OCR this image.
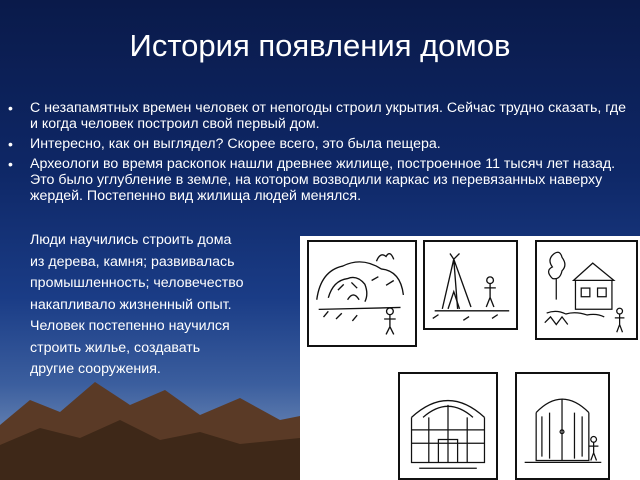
История появления домов
• С незапамятных времен человек от непогоды строил укрытия. Сейчас трудно сказать, где и когда человек построил свой первый дом.
• Интересно, как он выглядел? Скорее всего, это была пещера.
• Археологи во время раскопок нашли древнее жилище, построенное 11 тысяч лет назад. Это было углубление в земле, на котором возводили каркас из перевязанных наверху жердей. Постепенно вид жилища людей менялся.

Люди научились строить дома
из дерева, камня; развивалась
промышленность; человечество
накапливало жизненный опыт.
Человек постепенно научился
строить жилье, создавать
другие сооружения.
